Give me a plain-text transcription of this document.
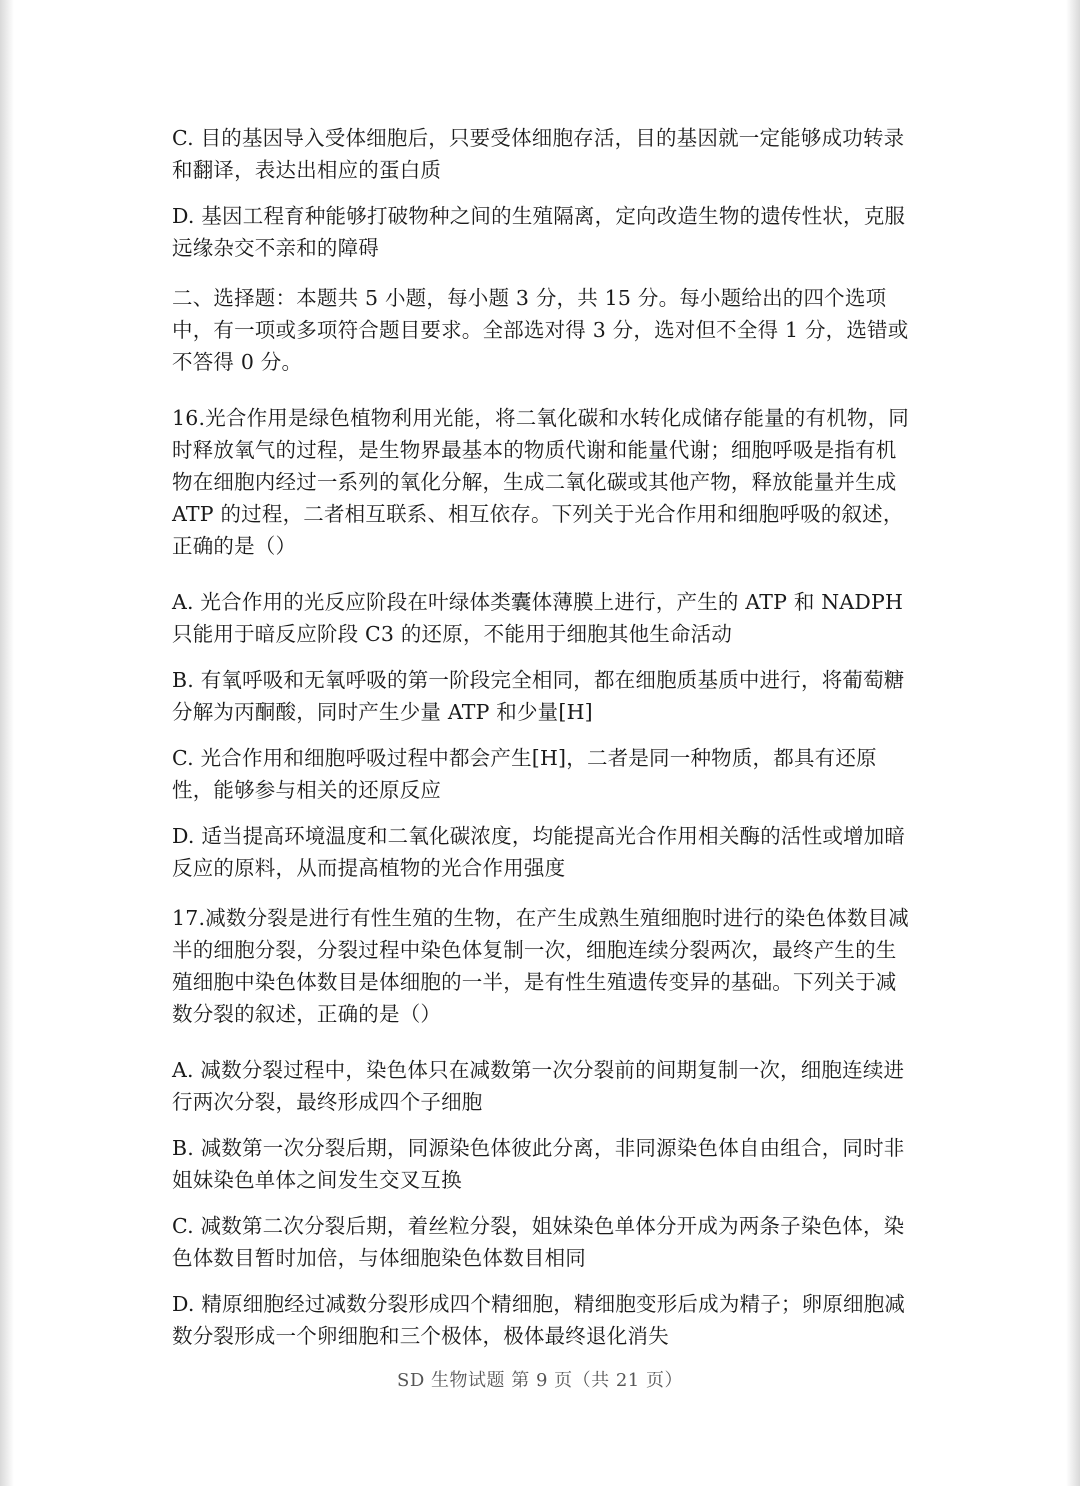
C. 目的基因导入受体细胞后，只要受体细胞存活，目的基因就一定能够成功转录和翻译，表达出相应的蛋白质

D. 基因工程育种能够打破物种之间的生殖隔离，定向改造生物的遗传性状，克服远缘杂交不亲和的障碍

二、选择题：本题共 5 小题，每小题 3 分，共 15 分。每小题给出的四个选项中，有一项或多项符合题目要求。全部选对得 3 分，选对但不全得 1 分，选错或不答得 0 分。

16.光合作用是绿色植物利用光能，将二氧化碳和水转化成储存能量的有机物，同时释放氧气的过程，是生物界最基本的物质代谢和能量代谢；细胞呼吸是指有机物在细胞内经过一系列的氧化分解，生成二氧化碳或其他产物，释放能量并生成 ATP 的过程，二者相互联系、相互依存。下列关于光合作用和细胞呼吸的叙述，正确的是（）

A. 光合作用的光反应阶段在叶绿体类囊体薄膜上进行，产生的 ATP 和 NADPH 只能用于暗反应阶段 C3 的还原，不能用于细胞其他生命活动

B. 有氧呼吸和无氧呼吸的第一阶段完全相同，都在细胞质基质中进行，将葡萄糖分解为丙酮酸，同时产生少量 ATP 和少量[H]

C. 光合作用和细胞呼吸过程中都会产生[H]，二者是同一种物质，都具有还原性，能够参与相关的还原反应

D. 适当提高环境温度和二氧化碳浓度，均能提高光合作用相关酶的活性或增加暗反应的原料，从而提高植物的光合作用强度

17.减数分裂是进行有性生殖的生物，在产生成熟生殖细胞时进行的染色体数目减半的细胞分裂，分裂过程中染色体复制一次，细胞连续分裂两次，最终产生的生殖细胞中染色体数目是体细胞的一半，是有性生殖遗传变异的基础。下列关于减数分裂的叙述，正确的是（）

A. 减数分裂过程中，染色体只在减数第一次分裂前的间期复制一次，细胞连续进行两次分裂，最终形成四个子细胞

B. 减数第一次分裂后期，同源染色体彼此分离，非同源染色体自由组合，同时非姐妹染色单体之间发生交叉互换

C. 减数第二次分裂后期，着丝粒分裂，姐妹染色单体分开成为两条子染色体，染色体数目暂时加倍，与体细胞染色体数目相同

D. 精原细胞经过减数分裂形成四个精细胞，精细胞变形后成为精子；卵原细胞减数分裂形成一个卵细胞和三个极体，极体最终退化消失

SD 生物试题 第 9 页（共 21 页）
